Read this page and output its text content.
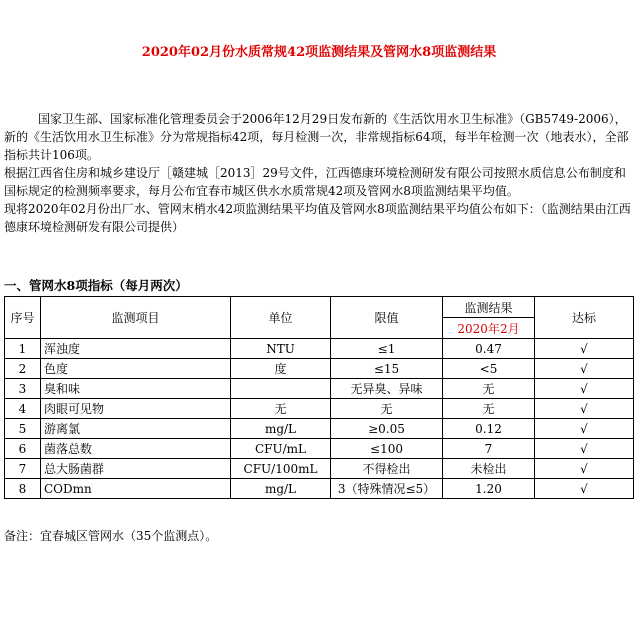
2020年02月份水质常规42项监测结果及管网水8项监测结果

国家卫生部、国家标准化管理委员会于2006年12月29日发布新的《生活饮用水卫生标准》（GB5749-2006），新的《生活饮用水卫生标准》分为常规指标42项，每月检测一次，非常规指标64项，每半年检测一次（地表水），全部指标共计106项。

根据江西省住房和城乡建设厅［赣建城［2013］29号文件，江西德康环境检测研发有限公司按照水质信息公布制度和国标规定的检测频率要求，每月公布宜春市城区供水水质常规42项及管网水8项监测结果平均值。

现将2020年02月份出厂水、管网末梢水42项监测结果平均值及管网水8项监测结果平均值公布如下：（监测结果由江西德康环境检测研发有限公司提供）

一、管网水8项指标（每月两次）
序号	监测项目	单位	限值	监测结果	达标
				2020年2月	
1	浑浊度	NTU	≤1	0.47	√
2	色度	度	≤15	<5	√
3	臭和味		无异臭、异味	无	√
4	肉眼可见物	无	无	无	√
5	游离氯	mg/L	≥0.05	0.12	√
6	菌落总数	CFU/mL	≤100	7	√
7	总大肠菌群	CFU/100mL	不得检出	未检出	√
8	CODmn	mg/L	3（特殊情况≤5）	1.20	√
备注：宜春城区管网水（35个监测点）。
